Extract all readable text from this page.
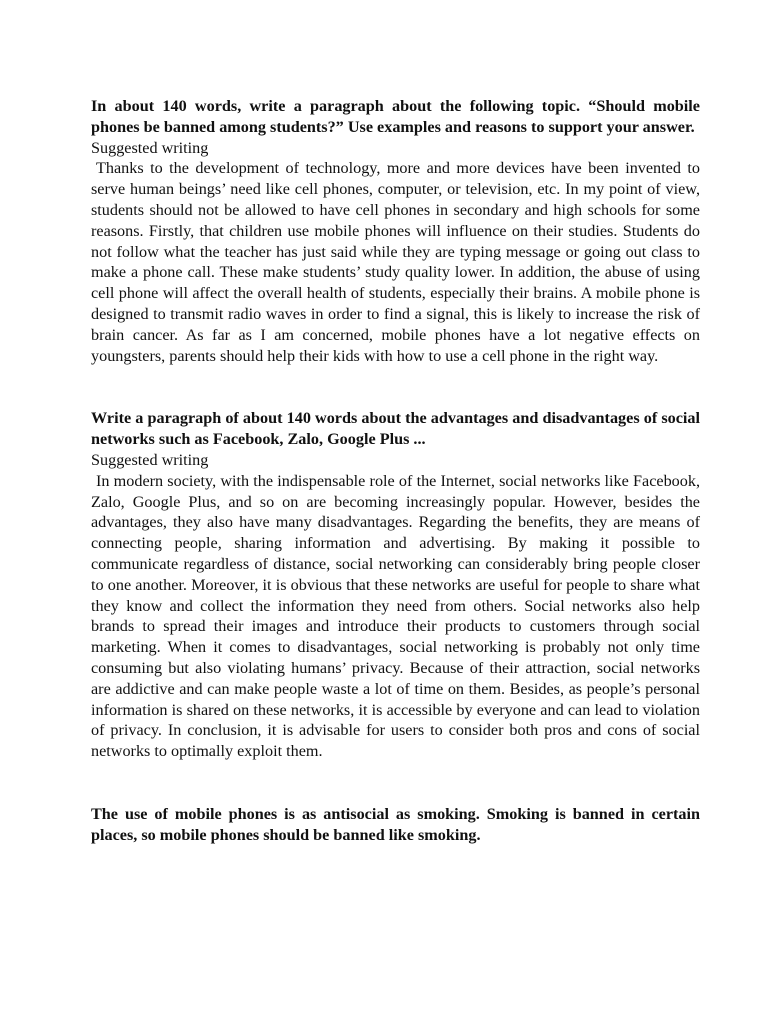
In about 140 words, write a paragraph about the following topic. “Should mobile phones be banned among students?” Use examples and reasons to support your answer.

Suggested writing

Thanks to the development of technology, more and more devices have been invented to serve human beings’ need like cell phones, computer, or television, etc. In my point of view, students should not be allowed to have cell phones in secondary and high schools for some reasons. Firstly, that children use mobile phones will influence on their studies. Students do not follow what the teacher has just said while they are typing message or going out class to make a phone call. These make students’ study quality lower. In addition, the abuse of using cell phone will affect the overall health of students, especially their brains. A mobile phone is designed to transmit radio waves in order to find a signal, this is likely to increase the risk of brain cancer. As far as I am concerned, mobile phones have a lot negative effects on youngsters, parents should help their kids with how to use a cell phone in the right way.

Write a paragraph of about 140 words about the advantages and disadvantages of social networks such as Facebook, Zalo, Google Plus ...

Suggested writing

In modern society, with the indispensable role of the Internet, social networks like Facebook, Zalo, Google Plus, and so on are becoming increasingly popular. However, besides the advantages, they also have many disadvantages. Regarding the benefits, they are means of connecting people, sharing information and advertising. By making it possible to communicate regardless of distance, social networking can considerably bring people closer to one another. Moreover, it is obvious that these networks are useful for people to share what they know and collect the information they need from others. Social networks also help brands to spread their images and introduce their products to customers through social marketing. When it comes to disadvantages, social networking is probably not only time consuming but also violating humans’ privacy. Because of their attraction, social networks are addictive and can make people waste a lot of time on them. Besides, as people’s personal information is shared on these networks, it is accessible by everyone and can lead to violation of privacy. In conclusion, it is advisable for users to consider both pros and cons of social networks to optimally exploit them.

The use of mobile phones is as antisocial as smoking. Smoking is banned in certain places, so mobile phones should be banned like smoking.
